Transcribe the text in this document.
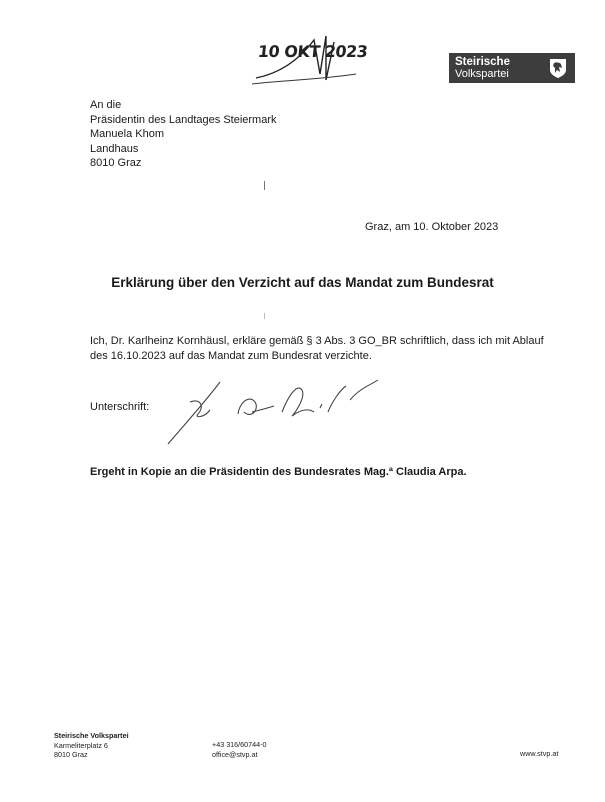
10 OKT 2023
Steirische
Volkspartei
An die
Präsidentin des Landtages Steiermark
Manuela Khom
Landhaus
8010 Graz
Graz, am 10. Oktober 2023
Erklärung über den Verzicht auf das Mandat zum Bundesrat
Ich, Dr. Karlheinz Kornhäusl, erkläre gemäß § 3 Abs. 3 GO_BR schriftlich, dass ich mit Ablauf
des 16.10.2023 auf das Mandat zum Bundesrat verzichte.
Unterschrift:
Ergeht in Kopie an die Präsidentin des Bundesrates Mag.ª Claudia Arpa.
Steirische Volkspartei
Karmeliterplatz 6
8010 Graz
+43 316/60744-0
office@stvp.at	www.stvp.at
